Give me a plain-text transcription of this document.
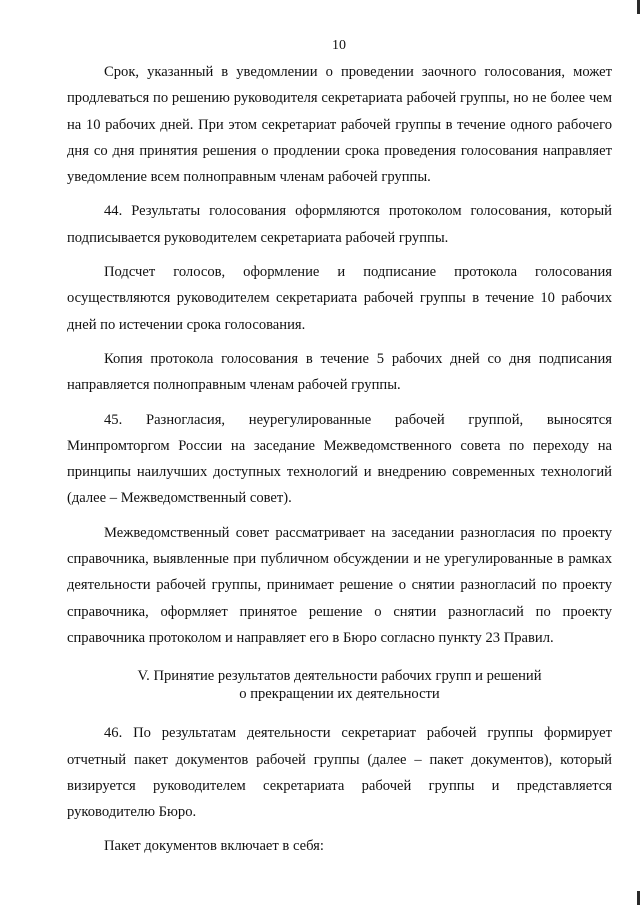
10

Срок, указанный в уведомлении о проведении заочного голосования, может продлеваться по решению руководителя секретариата рабочей группы, но не более чем на 10 рабочих дней. При этом секретариат рабочей группы в течение одного рабочего дня со дня принятия решения о продлении срока проведения голосования направляет уведомление всем полноправным членам рабочей группы.

44. Результаты голосования оформляются протоколом голосования, который подписывается руководителем секретариата рабочей группы.

Подсчет голосов, оформление и подписание протокола голосования осуществляются руководителем секретариата рабочей группы в течение 10 рабочих дней по истечении срока голосования.

Копия протокола голосования в течение 5 рабочих дней со дня подписания направляется полноправным членам рабочей группы.

45. Разногласия, неурегулированные рабочей группой, выносятся Минпромторгом России на заседание Межведомственного совета по переходу на принципы наилучших доступных технологий и внедрению современных технологий (далее – Межведомственный совет).

Межведомственный совет рассматривает на заседании разногласия по проекту справочника, выявленные при публичном обсуждении и не урегулированные в рамках деятельности рабочей группы, принимает решение о снятии разногласий по проекту справочника, оформляет принятое решение о снятии разногласий по проекту справочника протоколом и направляет его в Бюро согласно пункту 23 Правил.

V. Принятие результатов деятельности рабочих групп и решений
о прекращении их деятельности

46. По результатам деятельности секретариат рабочей группы формирует отчетный пакет документов рабочей группы (далее – пакет документов), который визируется руководителем секретариата рабочей группы и представляется руководителю Бюро.

Пакет документов включает в себя:
